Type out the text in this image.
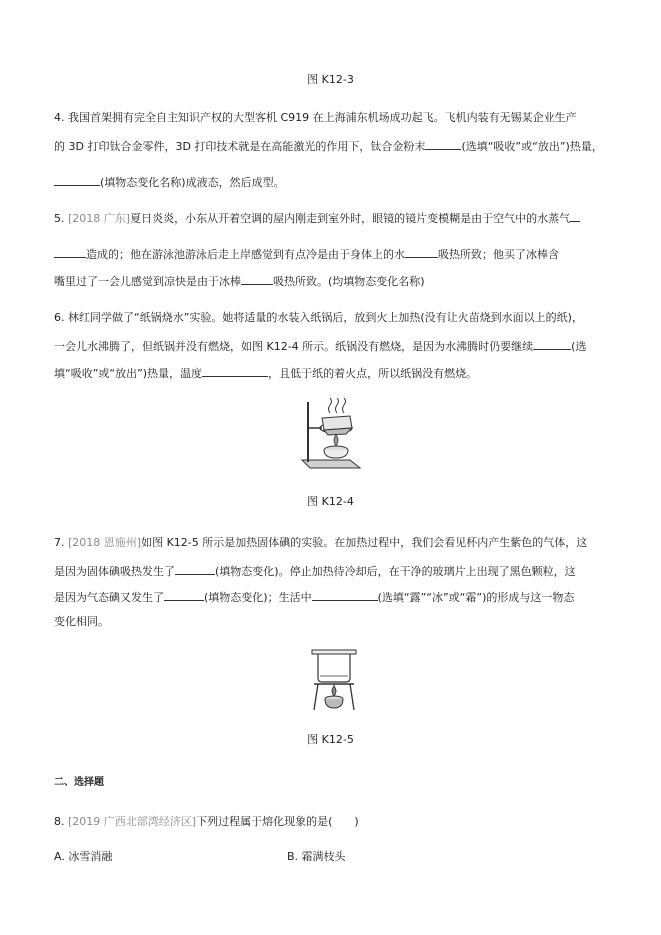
图 K12-3
4. 我国首架拥有完全自主知识产权的大型客机 C919 在上海浦东机场成功起飞。飞机内装有无锡某企业生产
的 3D 打印钛合金零件，3D 打印技术就是在高能激光的作用下，钛合金粉末	(选填“吸收”或“放出”)热量，
(填物态变化名称)成液态，然后成型。
5. [2018 广东]夏日炎炎，小东从开着空调的屋内刚走到室外时，眼镜的镜片变模糊是由于空气中的水蒸气
造成的；他在游泳池游泳后走上岸感觉到有点冷是由于身体上的水	吸热所致；他买了冰棒含
嘴里过了一会儿感觉到凉快是由于冰棒	吸热所致。(均填物态变化名称)
6. 林红同学做了“纸锅烧水”实验。她将适量的水装入纸锅后，放到火上加热(没有让火苗烧到水面以上的纸)，
一会儿水沸腾了，但纸锅并没有燃烧，如图 K12-4 所示。纸锅没有燃烧，是因为水沸腾时仍要继续	(选
填“吸收”或“放出”)热量，温度	，且低于纸的着火点，所以纸锅没有燃烧。
图 K12-4
7. [2018 恩施州]如图 K12-5 所示是加热固体碘的实验。在加热过程中，我们会看见杯内产生紫色的气体，这
是因为固体碘吸热发生了	(填物态变化)。停止加热待冷却后，在干净的玻璃片上出现了黑色颗粒，这
是因为气态碘又发生了	(填物态变化)；生活中	(选填“露”“冰”或“霜”)的形成与这一物态
变化相同。
图 K12-5
二、选择题
8. [2019 广西北部湾经济区]下列过程属于熔化现象的是(　　)
A. 冰雪消融	B. 霜满枝头
